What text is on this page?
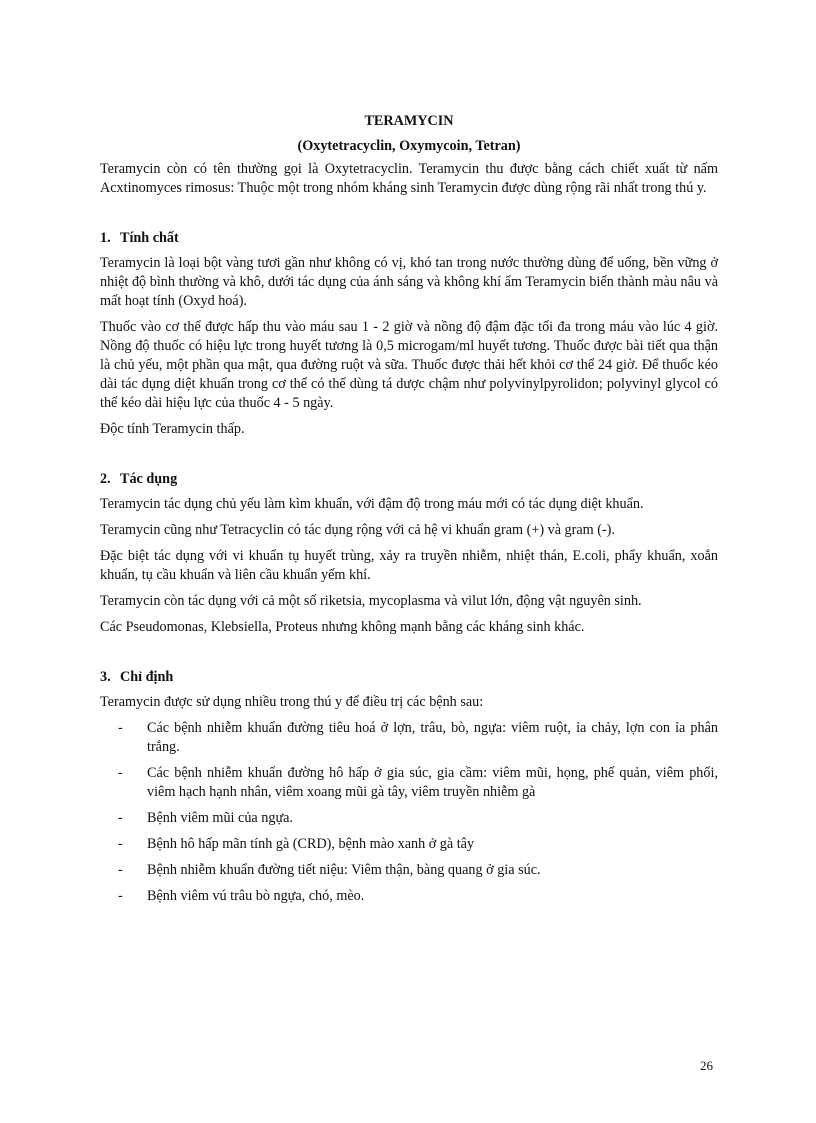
TERAMYCIN
(Oxytetracyclin, Oxymycoin, Tetran)

Teramycin còn có tên thường gọi là Oxytetracyclin. Teramycin thu được bằng cách chiết xuất từ nấm Acxtinomyces rimosus: Thuộc một trong nhóm kháng sinh Teramycin được dùng rộng rãi nhất trong thú y.

1. Tính chất

Teramycin là loại bột vàng tươi gần như không có vị, khó tan trong nước thường dùng để uống, bền vững ở nhiệt độ bình thường và khô, dưới tác dụng của ánh sáng và không khí ẩm Teramycin biến thành màu nâu và mất hoạt tính (Oxyd hoá).

Thuốc vào cơ thể được hấp thu vào máu sau 1 - 2 giờ và nồng độ đậm đặc tối đa trong máu vào lúc 4 giờ. Nồng độ thuốc có hiệu lực trong huyết tương là 0,5 microgam/ml huyết tương. Thuốc được bài tiết qua thận là chủ yếu, một phần qua mật, qua đường ruột và sữa. Thuốc được thải hết khỏi cơ thể 24 giờ. Để thuốc kéo dài tác dụng diệt khuẩn trong cơ thể có thể dùng tá dược chậm như polyvinylpyrolidon; polyvinyl glycol có thể kéo dài hiệu lực của thuốc 4 - 5 ngày.

Độc tính Teramycin thấp.

2. Tác dụng

Teramycin tác dụng chủ yếu làm kìm khuẩn, với đậm độ trong máu mới có tác dụng diệt khuẩn.

Teramycin cũng như Tetracyclin có tác dụng rộng với cả hệ vi khuẩn gram (+) và gram (-).

Đặc biệt tác dụng với vi khuẩn tụ huyết trùng, xảy ra truyền nhiễm, nhiệt thán, E.coli, phẩy khuẩn, xoắn khuẩn, tụ cầu khuẩn và liên cầu khuẩn yếm khí.

Teramycin còn tác dụng với cả một số riketsia, mycoplasma và vilut lớn, động vật nguyên sinh.

Các Pseudomonas, Klebsiella, Proteus nhưng không mạnh bằng các kháng sinh khác.

3. Chỉ định

Teramycin được sử dụng nhiều trong thú y để điều trị các bệnh sau:

- Các bệnh nhiễm khuẩn đường tiêu hoá ở lợn, trâu, bò, ngựa: viêm ruột, ỉa chảy, lợn con ỉa phân trắng.
- Các bệnh nhiễm khuẩn đường hô hấp ở gia súc, gia cầm: viêm mũi, họng, phế quản, viêm phổi, viêm hạch hạnh nhân, viêm xoang mũi gà tây, viêm truyền nhiễm gà
- Bệnh viêm mũi của ngựa.
- Bệnh hô hấp mãn tính gà (CRD), bệnh mào xanh ở gà tây
- Bệnh nhiễm khuẩn đường tiết niệu: Viêm thận, bàng quang ở gia súc.
- Bệnh viêm vú trâu bò ngựa, chó, mèo.
26
